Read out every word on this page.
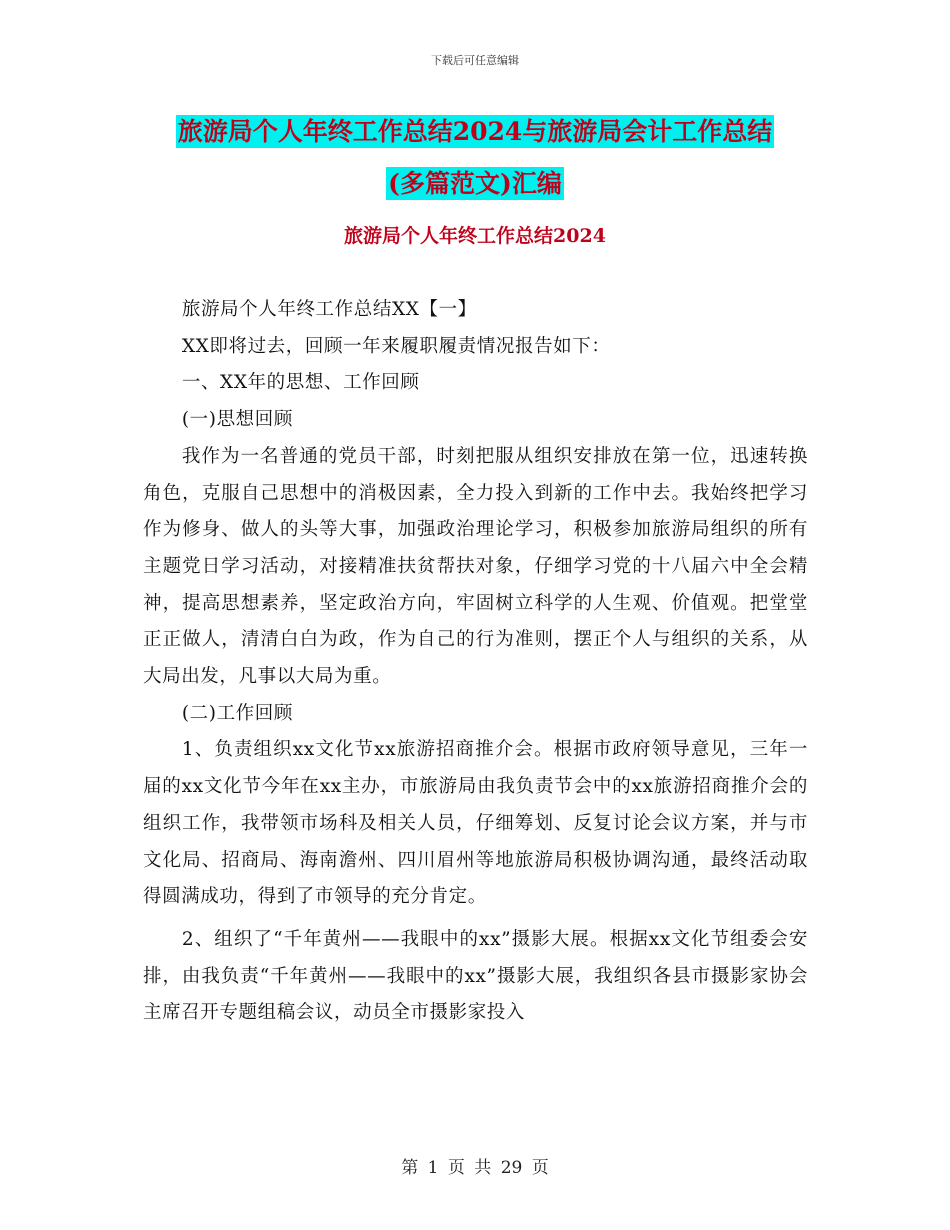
下载后可任意编辑
旅游局个人年终工作总结2024与旅游局会计工作总结
(多篇范文)汇编
旅游局个人年终工作总结2024

旅游局个人年终工作总结XX【一】

XX即将过去，回顾一年来履职履责情况报告如下：

一、XX年的思想、工作回顾

(一)思想回顾

我作为一名普通的党员干部，时刻把服从组织安排放在第一位，迅速转换角色，克服自己思想中的消极因素，全力投入到新的工作中去。我始终把学习作为修身、做人的头等大事，加强政治理论学习，积极参加旅游局组织的所有主题党日学习活动，对接精准扶贫帮扶对象，仔细学习党的十八届六中全会精神，提高思想素养，坚定政治方向，牢固树立科学的人生观、价值观。把堂堂正正做人，清清白白为政，作为自己的行为准则，摆正个人与组织的关系，从大局出发，凡事以大局为重。

(二)工作回顾

1、负责组织xx文化节xx旅游招商推介会。根据市政府领导意见，三年一届的xx文化节今年在xx主办，市旅游局由我负责节会中的xx旅游招商推介会的组织工作，我带领市场科及相关人员，仔细筹划、反复讨论会议方案，并与市文化局、招商局、海南澹州、四川眉州等地旅游局积极协调沟通，最终活动取得圆满成功，得到了市领导的充分肯定。

2、组织了“千年黄州——我眼中的xx”摄影大展。根据xx文化节组委会安排，由我负责“千年黄州——我眼中的xx”摄影大展，我组织各县市摄影家协会主席召开专题组稿会议，动员全市摄影家投入

第 1 页 共 29 页
